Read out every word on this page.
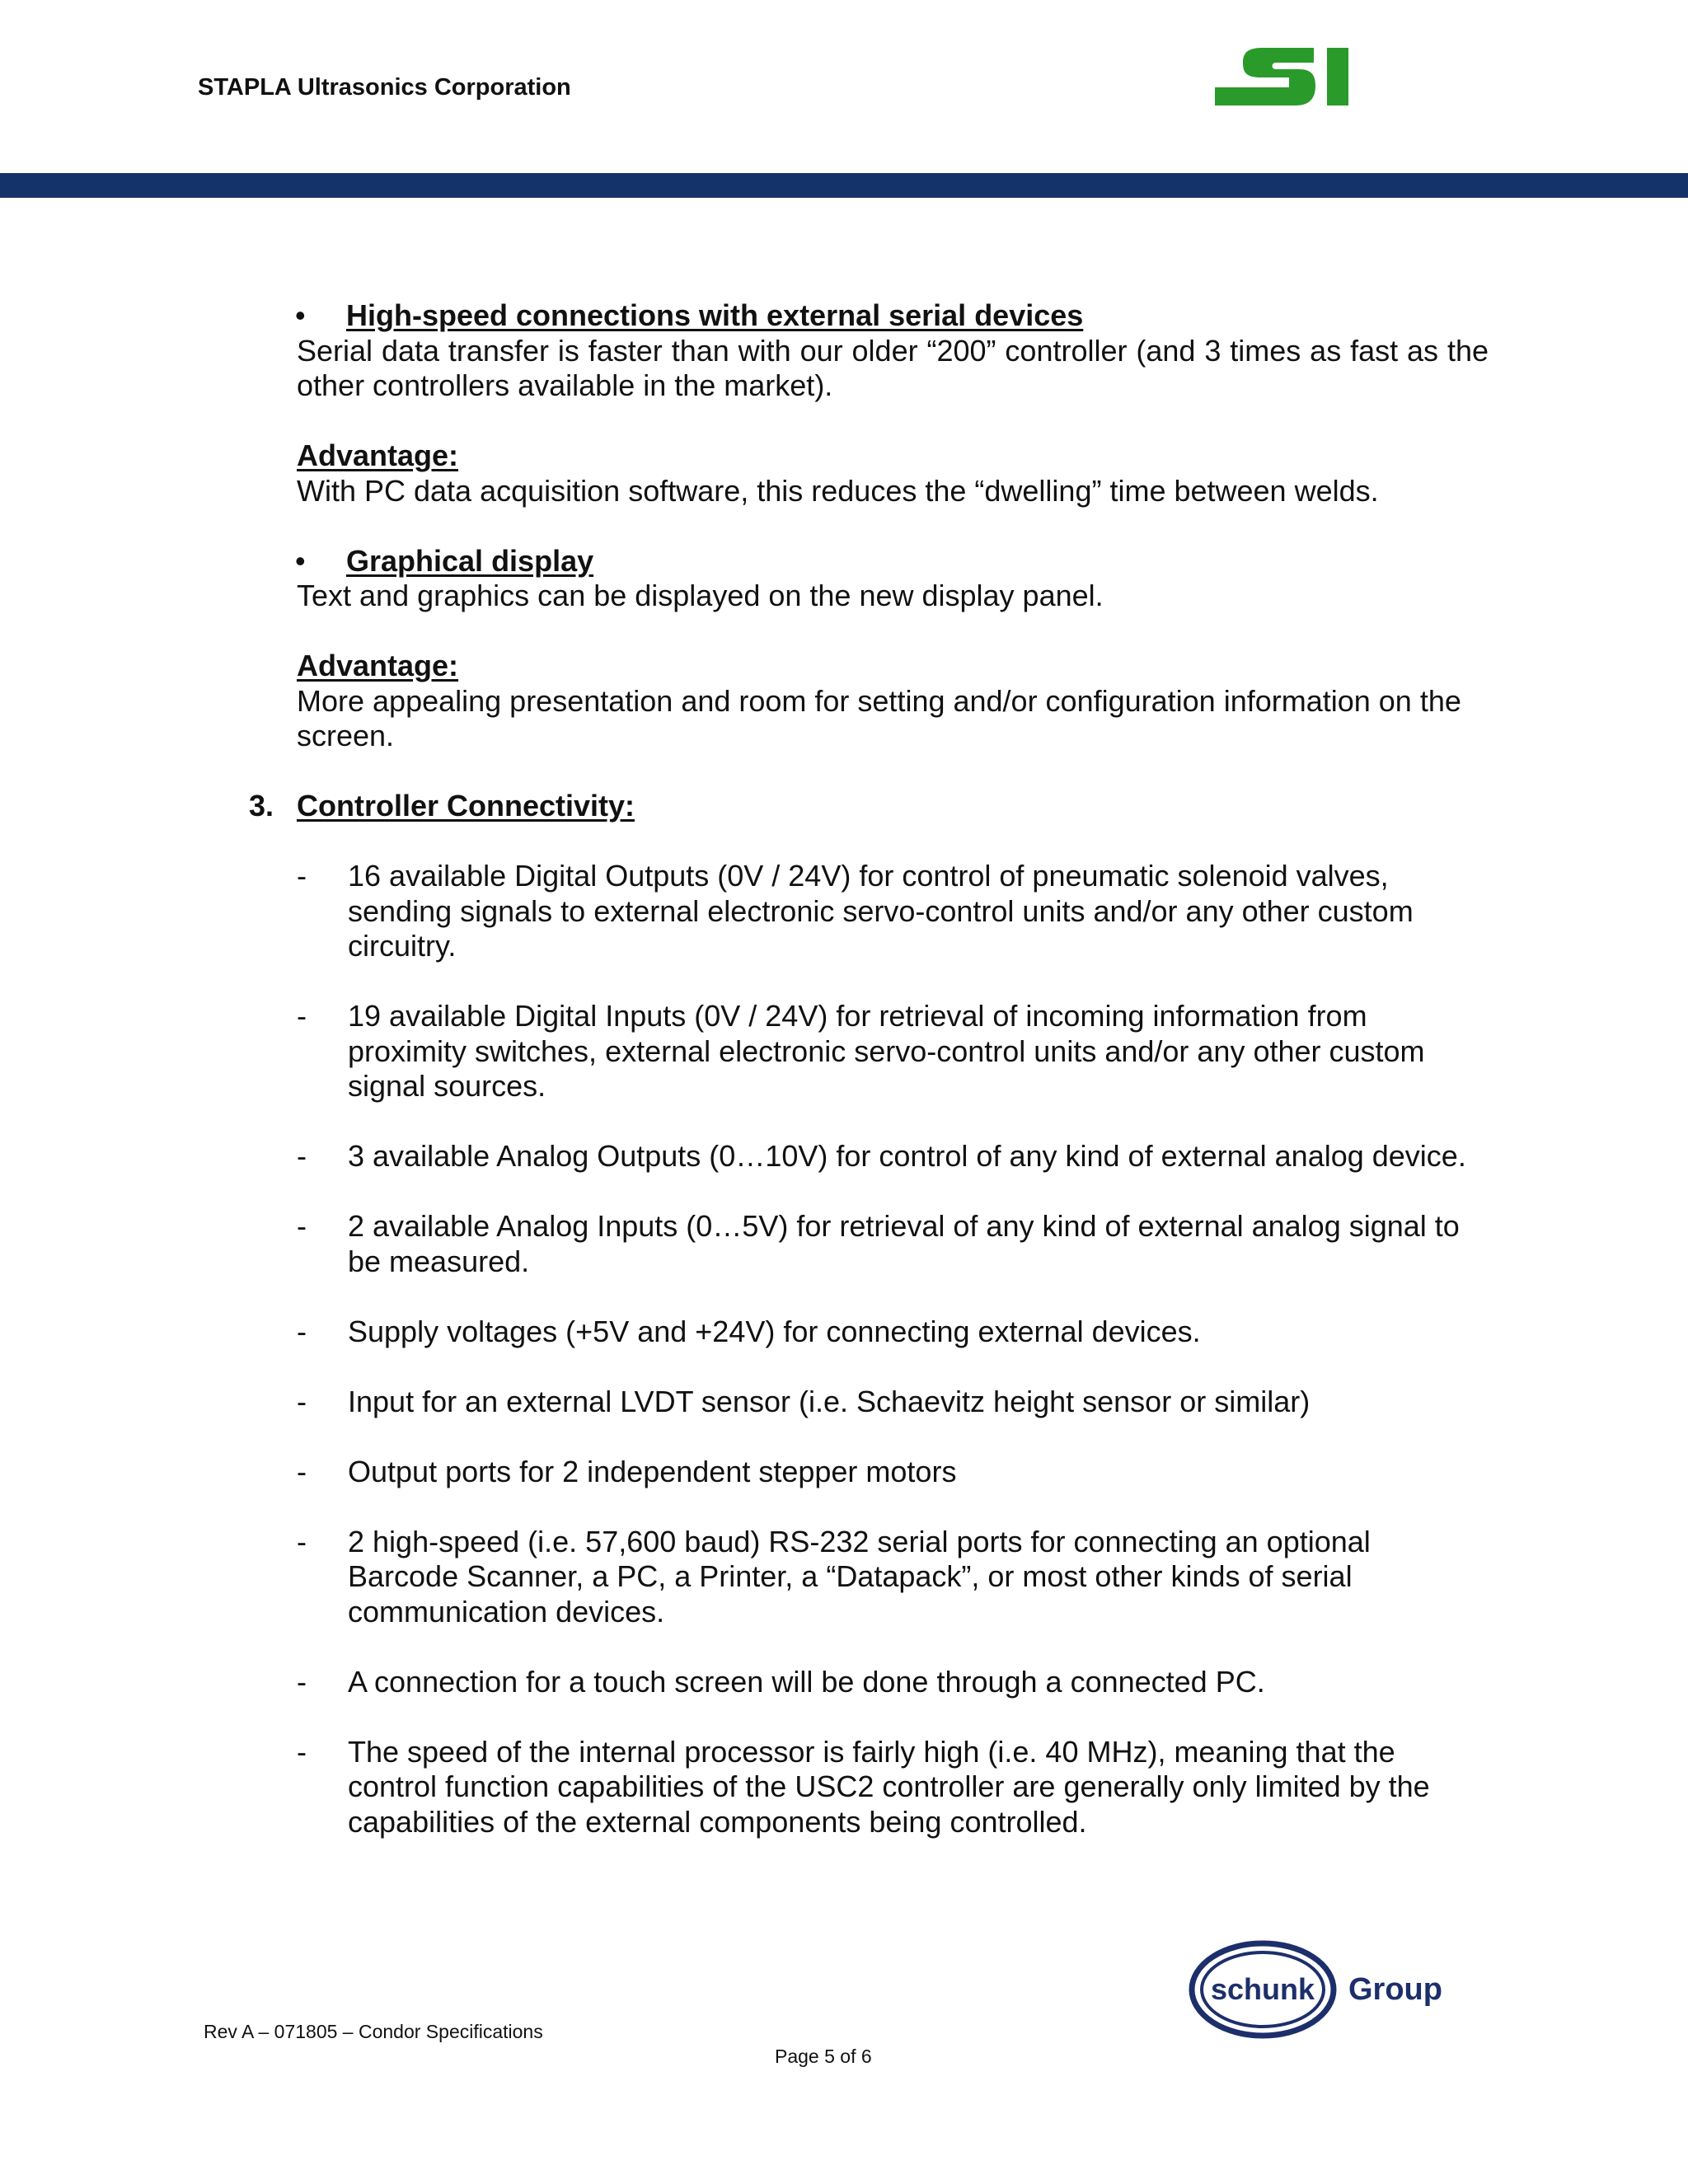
STAPLA Ultrasonics Corporation
• High-speed connections with external serial devices

Serial data transfer is faster than with our older “200” controller (and 3 times as fast as the other controllers available in the market).

Advantage:

With PC data acquisition software, this reduces the “dwelling” time between welds.

• Graphical display

Text and graphics can be displayed on the new display panel.

Advantage:

More appealing presentation and room for setting and/or configuration information on the screen.

3. Controller Connectivity:
- 16 available Digital Outputs (0V / 24V) for control of pneumatic solenoid valves, sending signals to external electronic servo-control units and/or any other custom circuitry.
- 19 available Digital Inputs (0V / 24V) for retrieval of incoming information from proximity switches, external electronic servo-control units and/or any other custom signal sources.
- 3 available Analog Outputs (0…10V) for control of any kind of external analog device.
- 2 available Analog Inputs (0…5V) for retrieval of any kind of external analog signal to be measured.
- Supply voltages (+5V and +24V) for connecting external devices.
- Input for an external LVDT sensor (i.e. Schaevitz height sensor or similar)
- Output ports for 2 independent stepper motors
- 2 high-speed (i.e. 57,600 baud) RS-232 serial ports for connecting an optional Barcode Scanner, a PC, a Printer, a “Datapack”, or most other kinds of serial communication devices.
- A connection for a touch screen will be done through a connected PC.
- The speed of the internal processor is fairly high (i.e. 40 MHz), meaning that the control function capabilities of the USC2 controller are generally only limited by the capabilities of the external components being controlled.
schunk Group
Rev A – 071805 – Condor Specifications
Page 5 of 6
